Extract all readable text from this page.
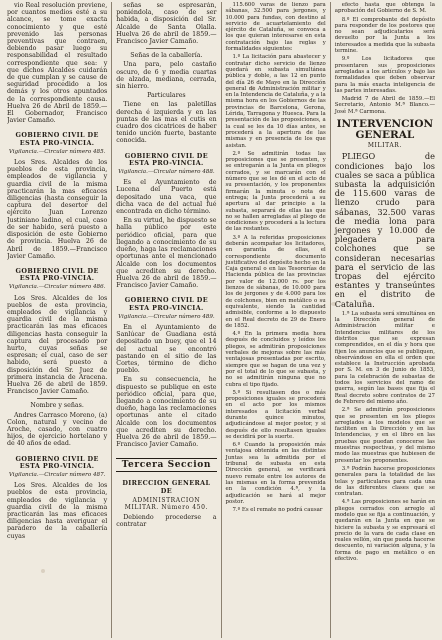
vio Real resolución previene, por cuantos medios esté a su alcance, se tome exacta conocimiento y que esté prevenido las personas preventivas que contraen, debiendo pasar luego su responsabilidad el resultado correspondiente que sea: y que dichos Alcaldes cuidarán de que cumplan y se cause de seguridad procedido a los demás y los otros apuntados de la correspondiente causa. Huelva 26 de Abril de 1859.—El Gobernador, Francisco Javier Camaño.

GOBIERNO CIVIL DE ESTA PRO-VINCIA.

Vigilancia.—Circular número 485.

Los Sres. Alcaldes de los pueblos de esta provincia, empleados de vigilancia y guardia civil de la misma practicarán la mas eficaces diligencias (hasta conseguir la captura del desertor del ejército Juan Lorenzo Justiniano ladino, el cual, caso de ser habido, será puesto a disposición de este Gobierno de provincia. Huelva 26 de Abril de 1859.—Francisco Javier Camaño.

GOBIERNO CIVIL DE ESTA PRO-VINCIA.

Vigilancia.—Circular número 486.

Los Sres. Alcaldes de los pueblos de esta provincia, empleados de vigilancia y guardia civil de la misma practicarán las mas eficaces diligencias hasta conseguir la captura del procesado por hurto, cuyas señas se espresan; el cual, caso de ser habido, será puesto a disposición del Sr. Juez de primera instancia de Aracena. Huelva 26 de abril de 1859. Francisco Javier Camaño.

Nombre y señas.

Andres Carrasco Moreno, (a) Colon, natural y vecino de Aroche, casado, con cuatro hijos, de ejercicio hortelano y de 40 años de edad.

GOBIERNO CIVIL DE ESTA PRO-VINCIA.

Vigilancia.—Circular número 487.

Los Sres. Alcaldes de los pueblos de esta provincia, empleados de vigilancia y guardia civil de la misma practicarán las mas eficaces diligencias hasta averiguar el paradero de la caballería cuyas

señas se espresarán, poniéndola, caso de ser habida, a disposición del Sr. Alcalde de Santa Olalla. Huelva 26 de abril de 1859.—Francisco Javier Camaño.

Señas de la caballería.

Una para, pelo castaño oscuro, de 6 y media cuartas de alzada, mediana, cerrada, sin hierro.

Particulares

Tiene en las paletillas derecha é izquierda y en las puntas de las mas el cutis en cuadro dos cicatrices de haber tenido unción fuerte, bastante conocida.

GOBIERNO CIVIL DE ESTA PRO-VINCIA.

Vigilancia.—Circular número 488.

Es el Ayuntamiento de Lucena del Puerto está depositado una vaca, que dicha vaca de del actual fué encontrada en dicho término.

En su virtud, he dispuesto se halla público por este periódico oficial, para que llegando a conocimiento de su dueño, haga las reclamaciones oportunas ante el mencionado Alcalde con los documentos que acrediten su derecho. Huelva 26 de abril de 1859.—Francisco Javier Camaño.

GOBIERNO CIVIL DE ESTA PRO-VINCIA.

Vigilancia.—Circular número 489.

En el Ayuntamiento de Sanlúcar de Guadiana está depositado un buey, que el 14 del actual se encontró pastando en el sitio de las Cortes, término de dicho pueblo.

En su consecuencia, he dispuesto se publique en este periódico oficial, para que, llegando a conocimiento de su dueño, haga las reclamaciones oportunas ante el citado Alcalde con los documentos que acrediten su derecho. Huelva 26 de abril de 1859.—Francisco Javier Camaño.

Tercera Seccion

DIRECCION GENERAL DE

ADMINISTRACION MILITAR. Número 450.

Debiendo procederse a contratar

115.600 varas de lienzo para sábanas, 32.500 para jergones, y 10.000 para fundas, con destino al servicio de acuartelamiento del ejército de Cataluña, se convoca a los que quieran interesarse en esta contratación bajo las reglas y formalidades siguientes:

1.º La licitación para abastecer y contratar dicho servicio de lienzo quedará en subasta simultánea pública y doble, a las 12 en punto del día 26 de Mayo en la Dirección general de Administración militar y en la Intendencia de Cataluña, y a la misma hora en los Gobiernos de las provincias de Barcelona, Gerona, Lérida, Tarragona y Huesca. Para la presentación de las proposiciones, a la cual se les da 10 días antes, se procederá a la apertura de las mismas y en presencia de los que asistan.

2.º Se admitirán todas las proposiciones que se presenten, y se entregarán a la Junta en pliegos cerrados, y se marcarán con el número que se les dé en el acto de su presentación, y los proponentes firmarán la minuta o nota de entrega; la Junta procederá a su apertura al dar principio a la subasta, separará de ellas las que no se hallen arregladas al pliego de condiciones y procederá a la lectura de las restantes.

3.º A la referidas proposiciones deberán acompañar los licitadores, en garantía de ellas, el correspondiente documento justificativo del depósito hecho en la Caja general o en las Tesorerías de Hacienda pública de las provincias por valor de 12.000 rs. por los lienzos de sábanas, de 10.000 para los de jergones y de 4.000 para los de colchones, bien en metálico o su equivalente, siendo la cantidad admisible, conforme a lo dispuesto en el Real decreto de 29 de Enero de 1852.

4.º En la primera media hora después de concluidos y leídos los pliegos, se admitirán proposiciones verbales de mejoras sobre las más ventajosas presentadas por escrito, siempre que se hagan de una vez y por el total de lo que se subasta, y no se admitirán ninguna que no cubra el tipo fijado.

5.º Si resultasen dos o más proposiciones iguales se procederá en el acto por los mismos interesados a licitación verbal durante quince minutos, adjudicándose al mejor postor, y si después de ello resultasen iguales se decidirá por la suerte.

6.º Cuando la proposición más ventajosa obtenida en las distintas Juntas sea la admitida por el tribunal de subasta en esta Dirección general, se verificará nuevo remate entre los autores de las mismas en la forma prevenida en la condición 4.ª, y la adjudicación se hará al mejor postor.

7.º Es el remate no podrá causar

efecto hasta que obtenga la aprobación del Gobierno de S. M.

8.º El comprobante del depósito para responder de los postores que no sean adjudicatarios será devuelto por la Junta a los interesados a medida que la subasta termine.

9.º Los licitadores que presentaren sus proposiciones arregladas a los artículos y bajo las formalidades que deben observar para la más exacta inteligencia de las partes interesadas.

Madrid 7 de Abril de 1859.—El Secretario, Antonio M.ª Blanco.—José M.ª Carmona.

INTERVENCION GENERAL

MILITAR.

PLIEGO de condiciones bajo los cuales se saca a pública subasta la adquisición de 115.600 varas de lienzo crudo para sábanas, 32.500 varas de media lona para jergones y 10.000 de plegadera para colchones que se consideran necesarias para el servicio de las tropas del ejército estantes y transeúntes en el distrito de Cataluña.

1.ª La subasta será simultánea en la Dirección general de Administración militar e Intendencias militares de los distritos que se expresan comprendidos, en el día y hora que fijen los anuncios que se publiquen, observándose en ella el orden que establece la Instrucción aprobada por S. M. en 3 de Junio de 1853, para la celebración de subastas de todos los servicios del ramo de guerra, según las bases que fija el Real decreto sobre contratos de 27 de Febrero del mismo año.

2.ª Se admitirán proposiciones que se presenten en los pliegos arreglados a los modelos que se faciliten en la Dirección y en las Intendencias, y en el libro en las pruebas que puedan conocerse las muestras respectivas, y del mismo modo las muestras que hubiesen de presentar los proponentes.

3.ª Podrán hacerse proposiciones generales para la totalidad de las telas y particulares para cada una de las diferentes clases que se contratan.

4.ª Las proposiciones se harán en pliegos cerrados con arreglo al modelo que se fija a continuación, y quedarán en la Junta en que se hiciere la subasta y se expresará el precio de la vara de cada clase en reales vellón, sin que pueda hacerse descuento, ni variación alguna, y la forma de pago en metálico o en efectivo.
